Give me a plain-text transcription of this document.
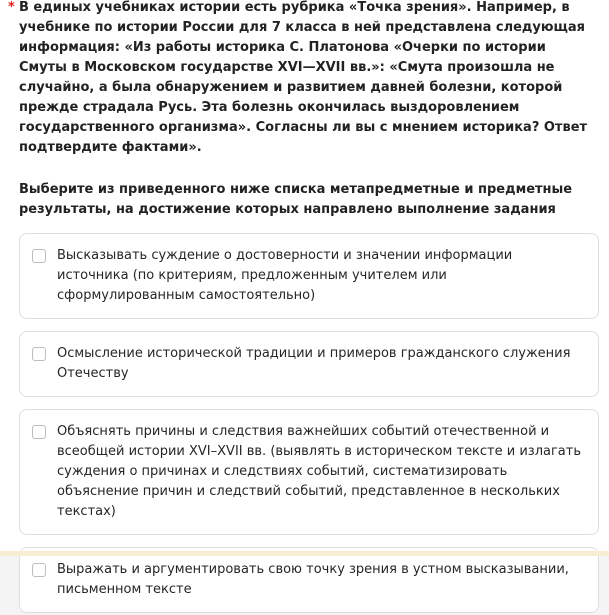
* В единых учебниках истории есть рубрика «Точка зрения». Например, в учебнике по истории России для 7 класса в ней представлена следующая информация: «Из работы историка С. Платонова «Очерки по истории Смуты в Московском государстве XVI—XVII вв.»: «Смута произошла не случайно, а была обнаружением и развитием давней болезни, которой прежде страдала Русь. Эта болезнь окончилась выздоровлением государственного организма». Согласны ли вы с мнением историка? Ответ подтвердите фактами».
Выберите из приведенного ниже списка метапредметные и предметные результаты, на достижение которых направлено выполнение задания
Высказывать суждение о достоверности и значении информации источника (по критериям, предложенным учителем или сформулированным самостоятельно)
Осмысление исторической традиции и примеров гражданского служения Отечеству
Объяснять причины и следствия важнейших событий отечественной и всеобщей истории XVI–XVII вв. (выявлять в историческом тексте и излагать суждения о причинах и следствиях событий, систематизировать объяснение причин и следствий событий, представленное в нескольких текстах)
Выражать и аргументировать свою точку зрения в устном высказывании, письменном тексте
